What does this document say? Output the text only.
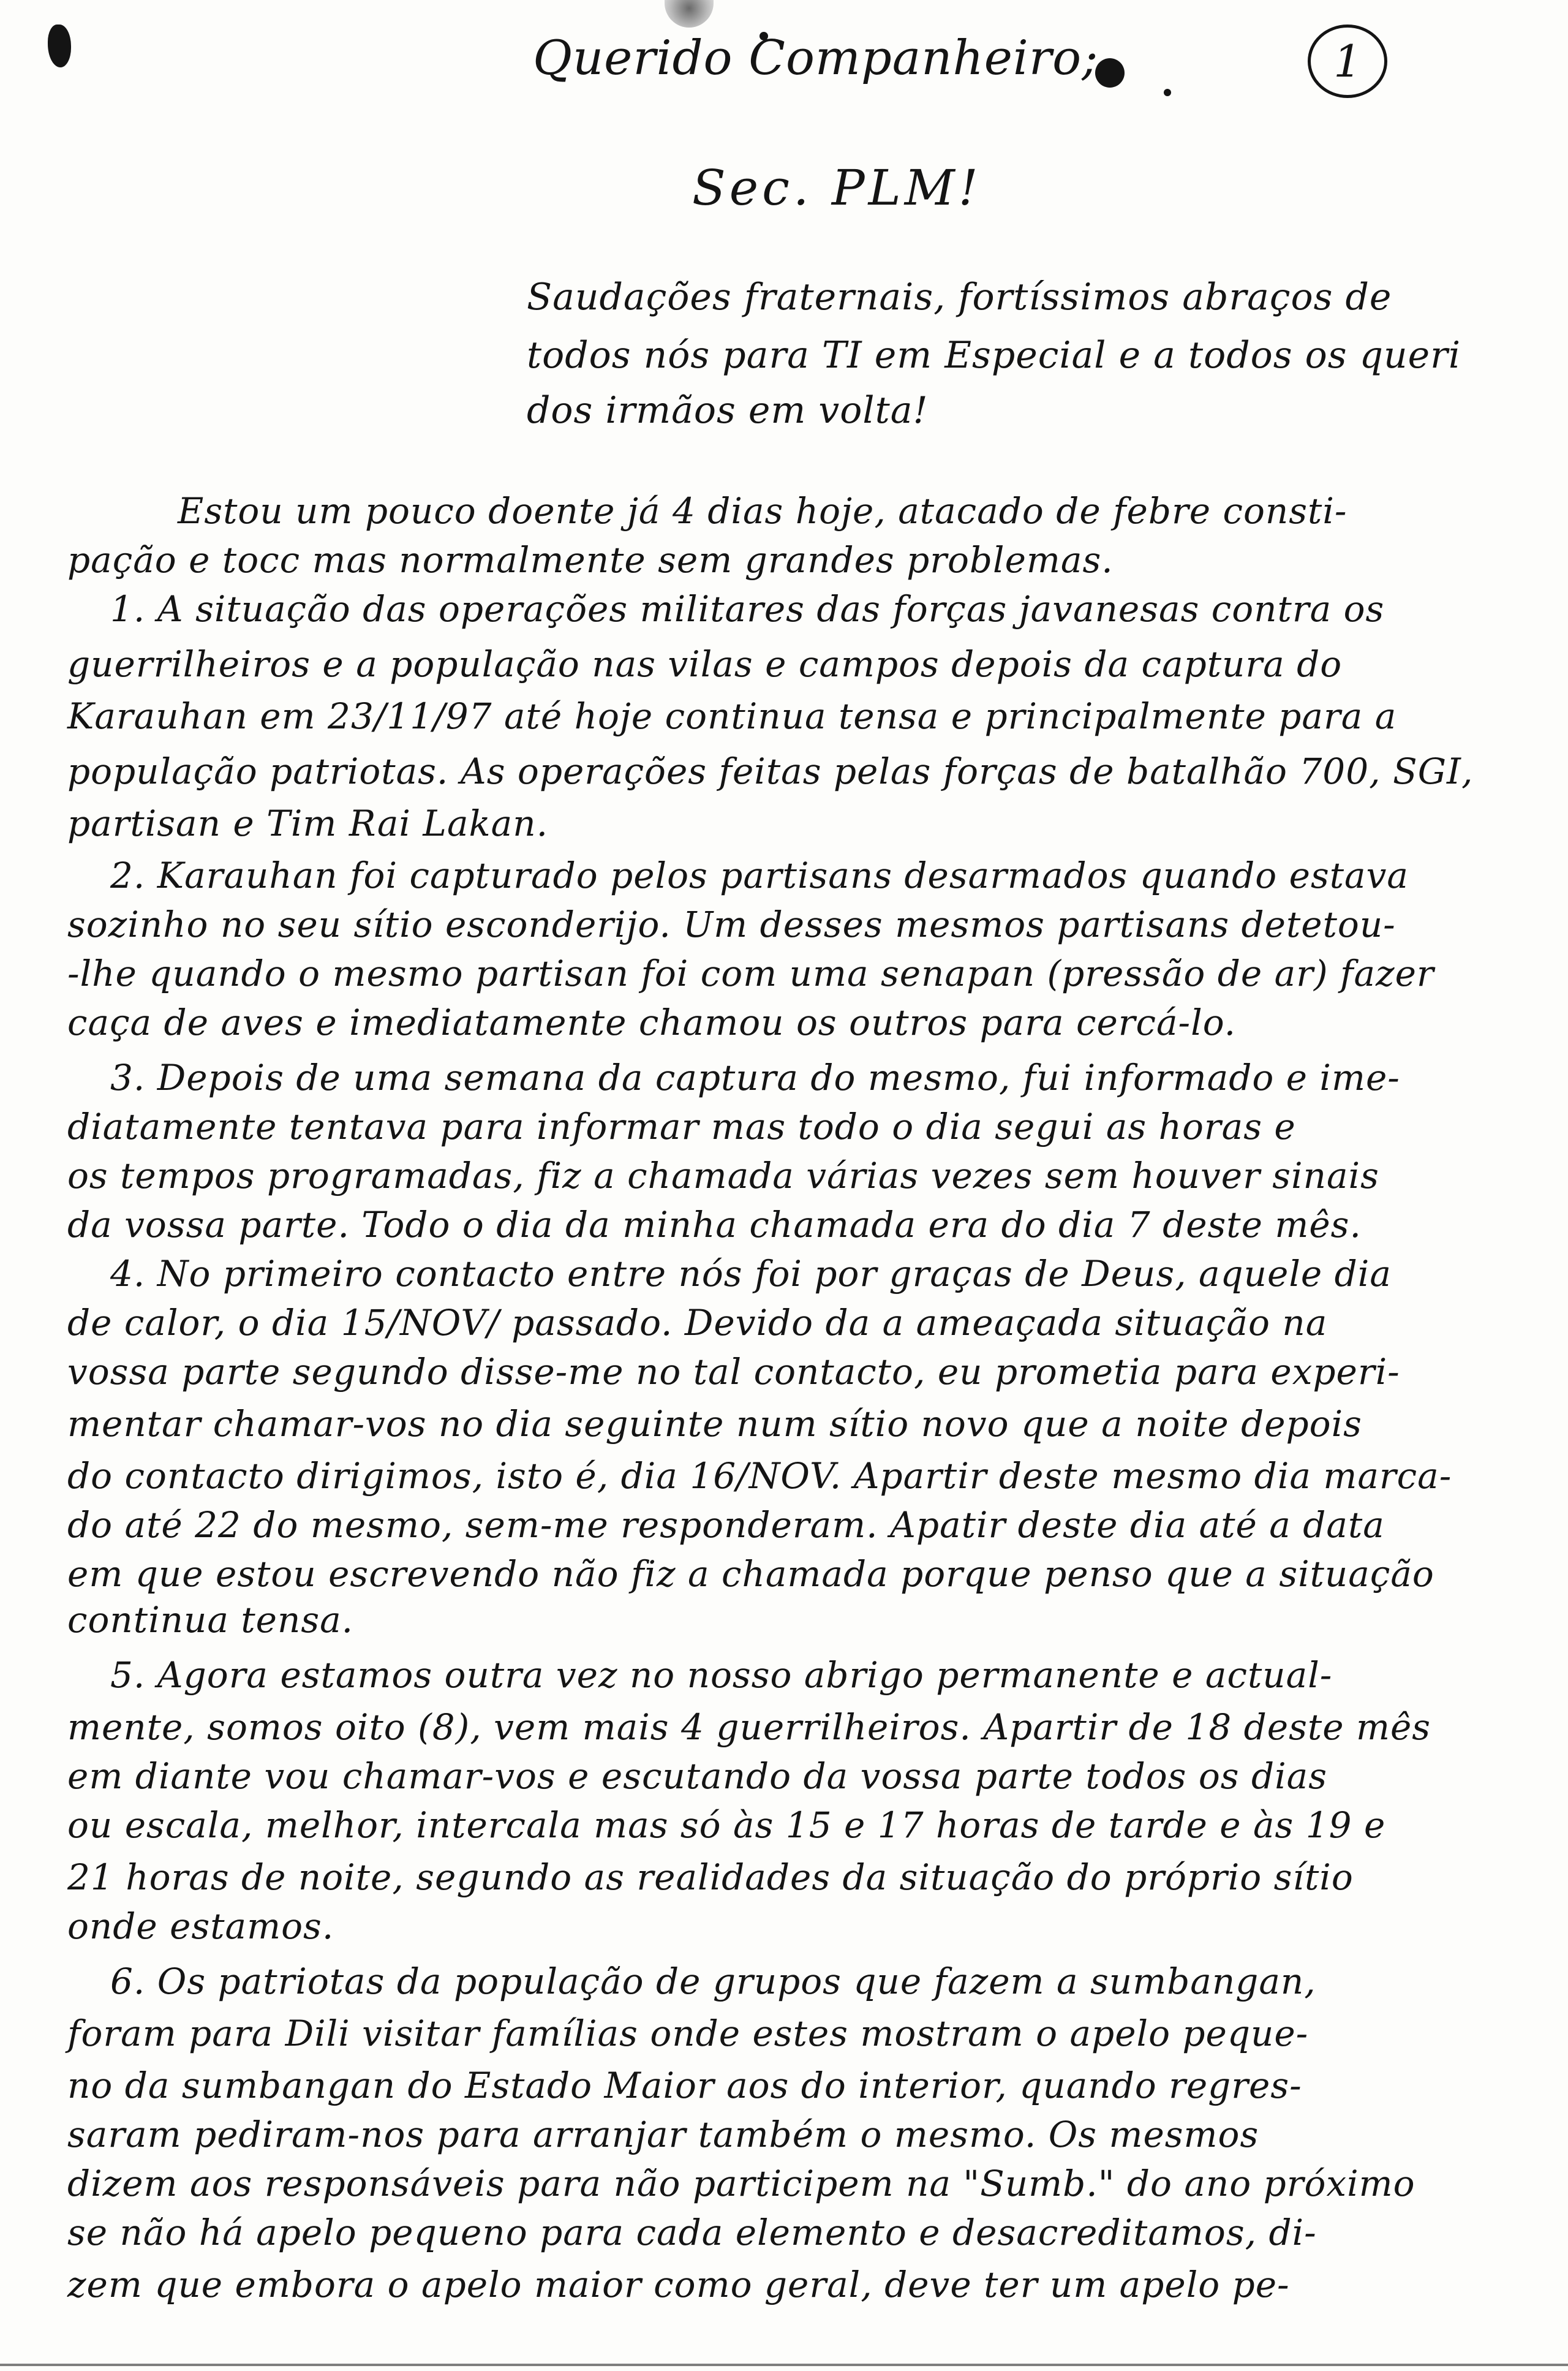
1
Querido Companheiro;
Sec. PLM!
Saudações fraternais, fortíssimos abraços de
todos nós para TI em Especial e a todos os queri
dos irmãos em volta!
Estou um pouco doente já 4 dias hoje, atacado de febre consti-
pação e tocc mas normalmente sem grandes problemas.
1. A situação das operações militares das forças javanesas contra os
guerrilheiros e a população nas vilas e campos depois da captura do
Karauhan em 23/11/97 até hoje continua tensa e principalmente para a
população patriotas. As operações feitas pelas forças de batalhão 700, SGI,
partisan e Tim Rai Lakan.
2. Karauhan foi capturado pelos partisans desarmados quando estava
sozinho no seu sítio esconderijo. Um desses mesmos partisans detetou-
-lhe quando o mesmo partisan foi com uma senapan (pressão de ar) fazer
caça de aves e imediatamente chamou os outros para cercá-lo.
3. Depois de uma semana da captura do mesmo, fui informado e ime-
diatamente tentava para informar mas todo o dia segui as horas e
os tempos programadas, fiz a chamada várias vezes sem houver sinais
da vossa parte. Todo o dia da minha chamada era do dia 7 deste mês.
4. No primeiro contacto entre nós foi por graças de Deus, aquele dia
de calor, o dia 15/NOV/ passado. Devido da a ameaçada situação na
vossa parte segundo disse-me no tal contacto, eu prometia para experi-
mentar chamar-vos no dia seguinte num sítio novo que a noite depois
do contacto dirigimos, isto é, dia 16/NOV. Apartir deste mesmo dia marca-
do até 22 do mesmo, sem-me responderam. Apatir deste dia até a data
em que estou escrevendo não fiz a chamada porque penso que a situação
continua tensa.
5. Agora estamos outra vez no nosso abrigo permanente e actual-
mente, somos oito (8), vem mais 4 guerrilheiros. Apartir de 18 deste mês
em diante vou chamar-vos e escutando da vossa parte todos os dias
ou escala, melhor, intercala mas só às 15 e 17 horas de tarde e às 19 e
21 horas de noite, segundo as realidades da situação do próprio sítio
onde estamos.
6. Os patriotas da população de grupos que fazem a sumbangan,
foram para Dili visitar famílias onde estes mostram o apelo peque-
no da sumbangan do Estado Maior aos do interior, quando regres-
saram pediram-nos para arranjar também o mesmo. Os mesmos
dizem aos responsáveis para não participem na "Sumb." do ano próximo
se não há apelo pequeno para cada elemento e desacreditamos, di-
zem que embora o apelo maior como geral, deve ter um apelo pe-
